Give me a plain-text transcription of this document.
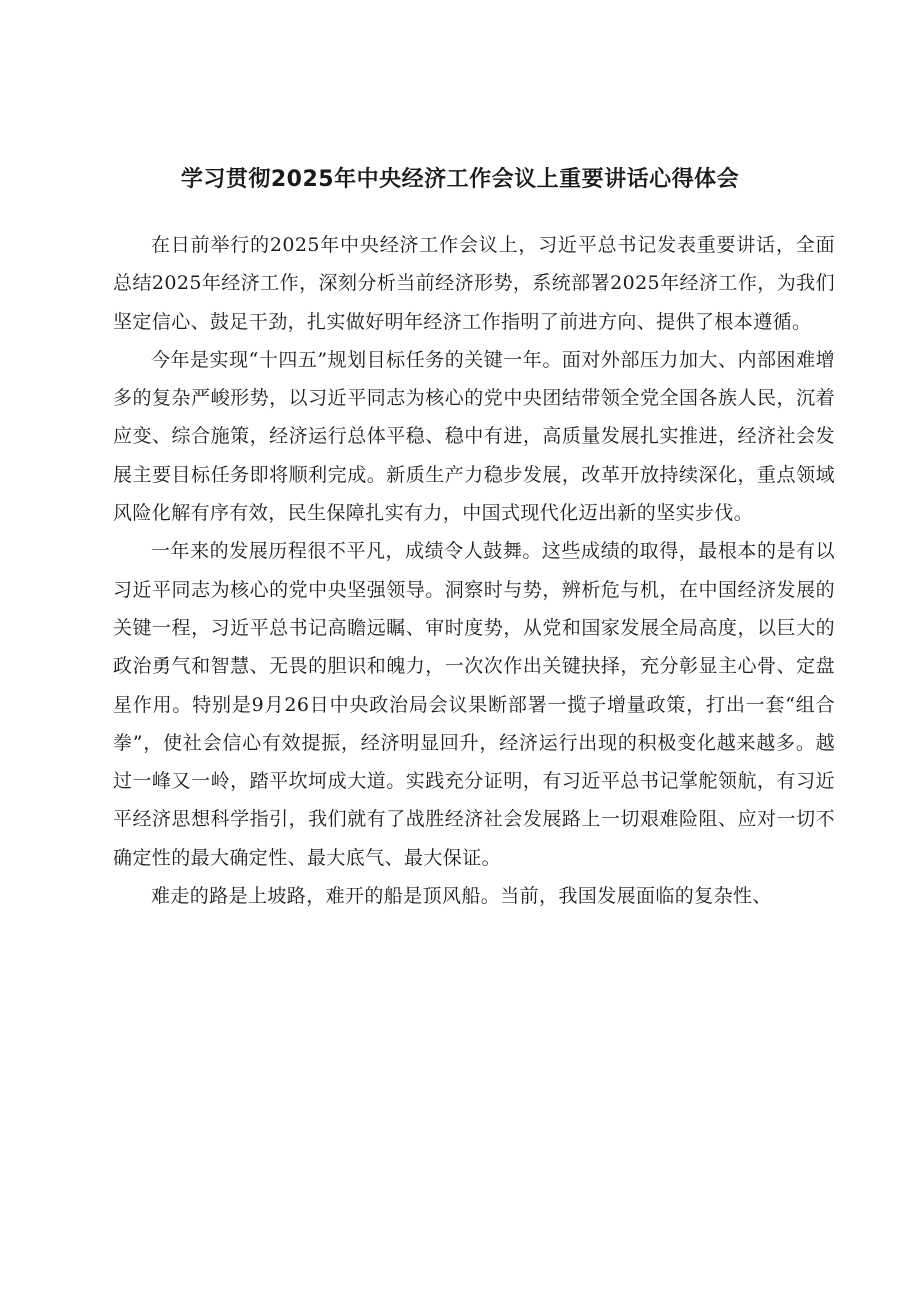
学习贯彻2025年中央经济工作会议上重要讲话心得体会

在日前举行的2025年中央经济工作会议上，习近平总书记发表重要讲话，全面总结2025年经济工作，深刻分析当前经济形势，系统部署2025年经济工作，为我们坚定信心、鼓足干劲，扎实做好明年经济工作指明了前进方向、提供了根本遵循。

今年是实现“十四五”规划目标任务的关键一年。面对外部压力加大、内部困难增多的复杂严峻形势，以习近平同志为核心的党中央团结带领全党全国各族人民，沉着应变、综合施策，经济运行总体平稳、稳中有进，高质量发展扎实推进，经济社会发展主要目标任务即将顺利完成。新质生产力稳步发展，改革开放持续深化，重点领域风险化解有序有效，民生保障扎实有力，中国式现代化迈出新的坚实步伐。

一年来的发展历程很不平凡，成绩令人鼓舞。这些成绩的取得，最根本的是有以习近平同志为核心的党中央坚强领导。洞察时与势，辨析危与机，在中国经济发展的关键一程，习近平总书记高瞻远瞩、审时度势，从党和国家发展全局高度，以巨大的政治勇气和智慧、无畏的胆识和魄力，一次次作出关键抉择，充分彰显主心骨、定盘星作用。特别是9月26日中央政治局会议果断部署一揽子增量政策，打出一套“组合拳”，使社会信心有效提振，经济明显回升，经济运行出现的积极变化越来越多。越过一峰又一岭，踏平坎坷成大道。实践充分证明，有习近平总书记掌舵领航，有习近平经济思想科学指引，我们就有了战胜经济社会发展路上一切艰难险阻、应对一切不确定性的最大确定性、最大底气、最大保证。

难走的路是上坡路，难开的船是顶风船。当前，我国发展面临的复杂性、
